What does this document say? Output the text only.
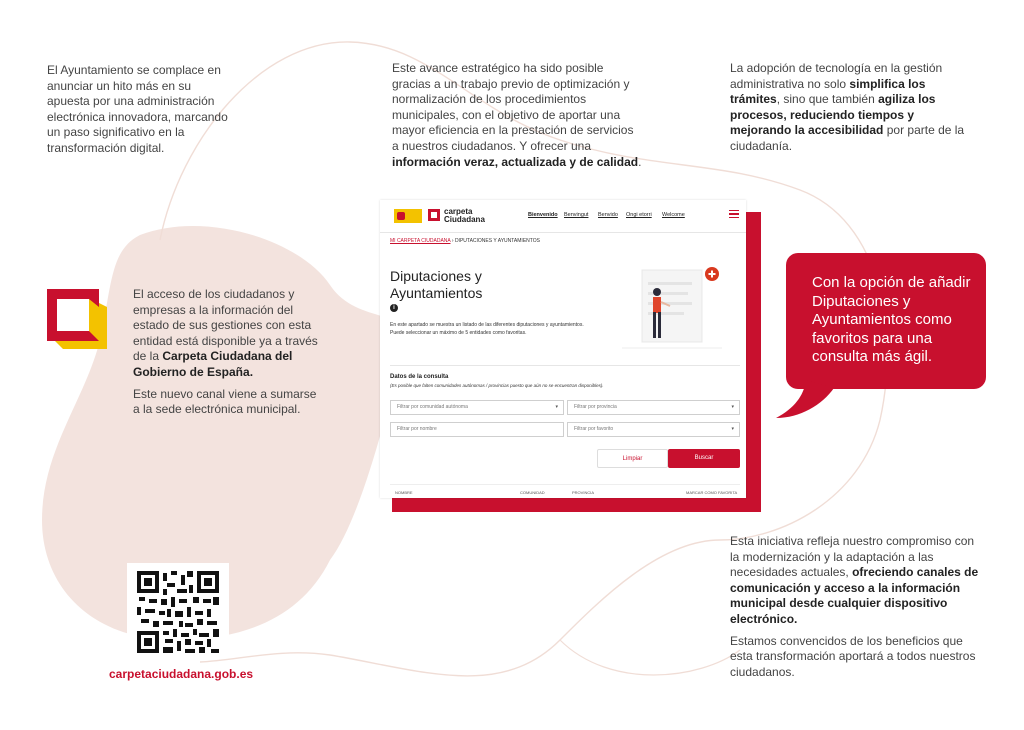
El Ayuntamiento se complace en anunciar un hito más en su apuesta por una administración electrónica innovadora, marcando un paso significativo en la transformación digital.
Este avance estratégico ha sido posible gracias a un trabajo previo de optimización y normalización de los procedimientos municipales, con el objetivo de aportar una mayor eficiencia en la prestación de servicios a nuestros ciudadanos. Y ofrecer una información veraz, actualizada y de calidad.
La adopción de tecnología en la gestión administrativa no solo simplifica los trámites, sino que también agiliza los procesos, reduciendo tiempos y mejorando la accesibilidad por parte de la ciudadanía.

El acceso de los ciudadanos y empresas a la información del estado de sus gestiones con esta entidad está disponible ya a través de la Carpeta Ciudadana del Gobierno de España.

Este nuevo canal viene a sumarse a la sede electrónica municipal.

carpeta
Ciudadana	Bienvenido Benvingut Benvido Ongi etorri Welcome
MI CARPETA CIUDADANA › DIPUTACIONES Y AYUNTAMIENTOS
Diputaciones y Ayuntamientos
i
En este apartado se muestra un listado de las diferentes diputaciones y ayuntamientos. Puede seleccionar un máximo de 5 entidades como favoritas.
Datos de la consulta
(Es posible que falten comunidades autónomas / provincias puesto que aún no se encuentran disponibles).
Filtrar por comunidad autónoma	▾	Filtrar por provincia	▾
Filtrar por nombre	Filtrar por favorito	▾
Limpiar	Buscar
NOMBRE	COMUNIDAD	PROVINCIA	MARCAR COMO FAVORITA
Con la opción de añadir Diputaciones y Ayuntamientos como favoritos para una consulta más ágil.

Esta iniciativa refleja nuestro compromiso con la modernización y la adaptación a las necesidades actuales, ofreciendo canales de comunicación y acceso a la información municipal desde cualquier dispositivo electrónico.

Estamos convencidos de los beneficios que esta transformación aportará a todos nuestros ciudadanos.

carpetaciudadana.gob.es
